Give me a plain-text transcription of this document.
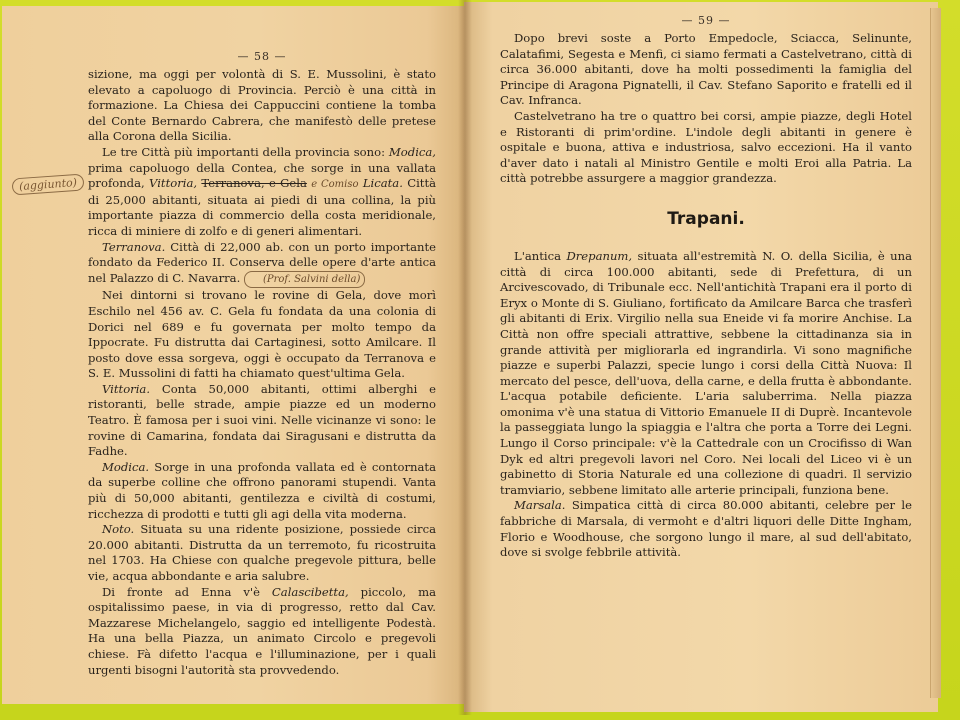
— 58 —

sizione, ma oggi per volontà di S. E. Mussolini, è stato elevato a capoluogo di Provincia. Perciò è una città in formazione. La Chiesa dei Cappuccini contiene la tomba del Conte Bernardo Cabrera, che manifestò delle pretese alla Corona della Sicilia.

Le tre Città più importanti della provincia sono: Modica, prima capoluogo della Contea, che sorge in una vallata profonda, Vittoria, Terranova, e Gela e Comiso Licata. Città di 25,000 abitanti, situata ai piedi di una collina, la più importante piazza di commercio della costa meridionale, ricca di miniere di zolfo e di generi alimentari.

Terranova. Città di 22,000 ab. con un porto importante fondato da Federico II. Conserva delle opere d'arte antica nel Palazzo di C. Navarra. (Prof. Salvini della)

Nei dintorni si trovano le rovine di Gela, dove morì Eschilo nel 456 av. C. Gela fu fondata da una colonia di Dorici nel 689 e fu governata per molto tempo da Ippocrate. Fu distrutta dai Cartaginesi, sotto Amilcare. Il posto dove essa sorgeva, oggi è occupato da Terranova e S. E. Mussolini di fatti ha chiamato quest'ultima Gela.

Vittoria. Conta 50,000 abitanti, ottimi alberghi e ristoranti, belle strade, ampie piazze ed un moderno Teatro. È famosa per i suoi vini. Nelle vicinanze vi sono: le rovine di Camarina, fondata dai Siragusani e distrutta da Fadhe.

Modica. Sorge in una profonda vallata ed è contornata da superbe colline che offrono panorami stupendi. Vanta più di 50,000 abitanti, gentilezza e civiltà di costumi, ricchezza di prodotti e tutti gli agi della vita moderna.

Noto. Situata su una ridente posizione, possiede circa 20.000 abitanti. Distrutta da un terremoto, fu ricostruita nel 1703. Ha Chiese con qualche pregevole pittura, belle vie, acqua abbondante e aria salubre.

Di fronte ad Enna v'è Calascibetta, piccolo, ma ospitalissimo paese, in via di progresso, retto dal Cav. Mazzarese Michelangelo, saggio ed intelligente Podestà. Ha una bella Piazza, un animato Circolo e pregevoli chiese. Fà difetto l'acqua e l'illuminazione, per i quali urgenti bisogni l'autorità sta provvedendo.

(aggiunto)
— 59 —

Dopo brevi soste a Porto Empedocle, Sciacca, Selinunte, Calatafimi, Segesta e Menfi, ci siamo fermati a Castelvetrano, città di circa 36.000 abitanti, dove ha molti possedimenti la famiglia del Principe di Aragona Pignatelli, il Cav. Stefano Saporito e fratelli ed il Cav. Infranca.

Castelvetrano ha tre o quattro bei corsi, ampie piazze, degli Hotel e Ristoranti di prim'ordine. L'indole degli abitanti in genere è ospitale e buona, attiva e industriosa, salvo eccezioni. Ha il vanto d'aver dato i natali al Ministro Gentile e molti Eroi alla Patria. La città potrebbe assurgere a maggior grandezza.

Trapani.

L'antica Drepanum, situata all'estremità N. O. della Sicilia, è una città di circa 100.000 abitanti, sede di Prefettura, di un Arcivescovado, di Tribunale ecc. Nell'antichità Trapani era il porto di Eryx o Monte di S. Giuliano, fortificato da Amilcare Barca che trasferì gli abitanti di Erix. Virgilio nella sua Eneide vi fa morire Anchise. La Città non offre speciali attrattive, sebbene la cittadinanza sia in grande attività per migliorarla ed ingrandirla. Vi sono magnifiche piazze e superbi Palazzi, specie lungo i corsi della Città Nuova: Il mercato del pesce, dell'uova, della carne, e della frutta è abbondante. L'acqua potabile deficiente. L'aria saluberrima. Nella piazza omonima v'è una statua di Vittorio Emanuele II di Duprè. Incantevole la passeggiata lungo la spiaggia e l'altra che porta a Torre dei Legni. Lungo il Corso principale: v'è la Cattedrale con un Crocifisso di Wan Dyk ed altri pregevoli lavori nel Coro. Nei locali del Liceo vi è un gabinetto di Storia Naturale ed una collezione di quadri. Il servizio tramviario, sebbene limitato alle arterie principali, funziona bene.

Marsala. Simpatica città di circa 80.000 abitanti, celebre per le fabbriche di Marsala, di vermoht e d'altri liquori delle Ditte Ingham, Florio e Woodhouse, che sorgono lungo il mare, al sud dell'abitato, dove si svolge febbrile attività.
